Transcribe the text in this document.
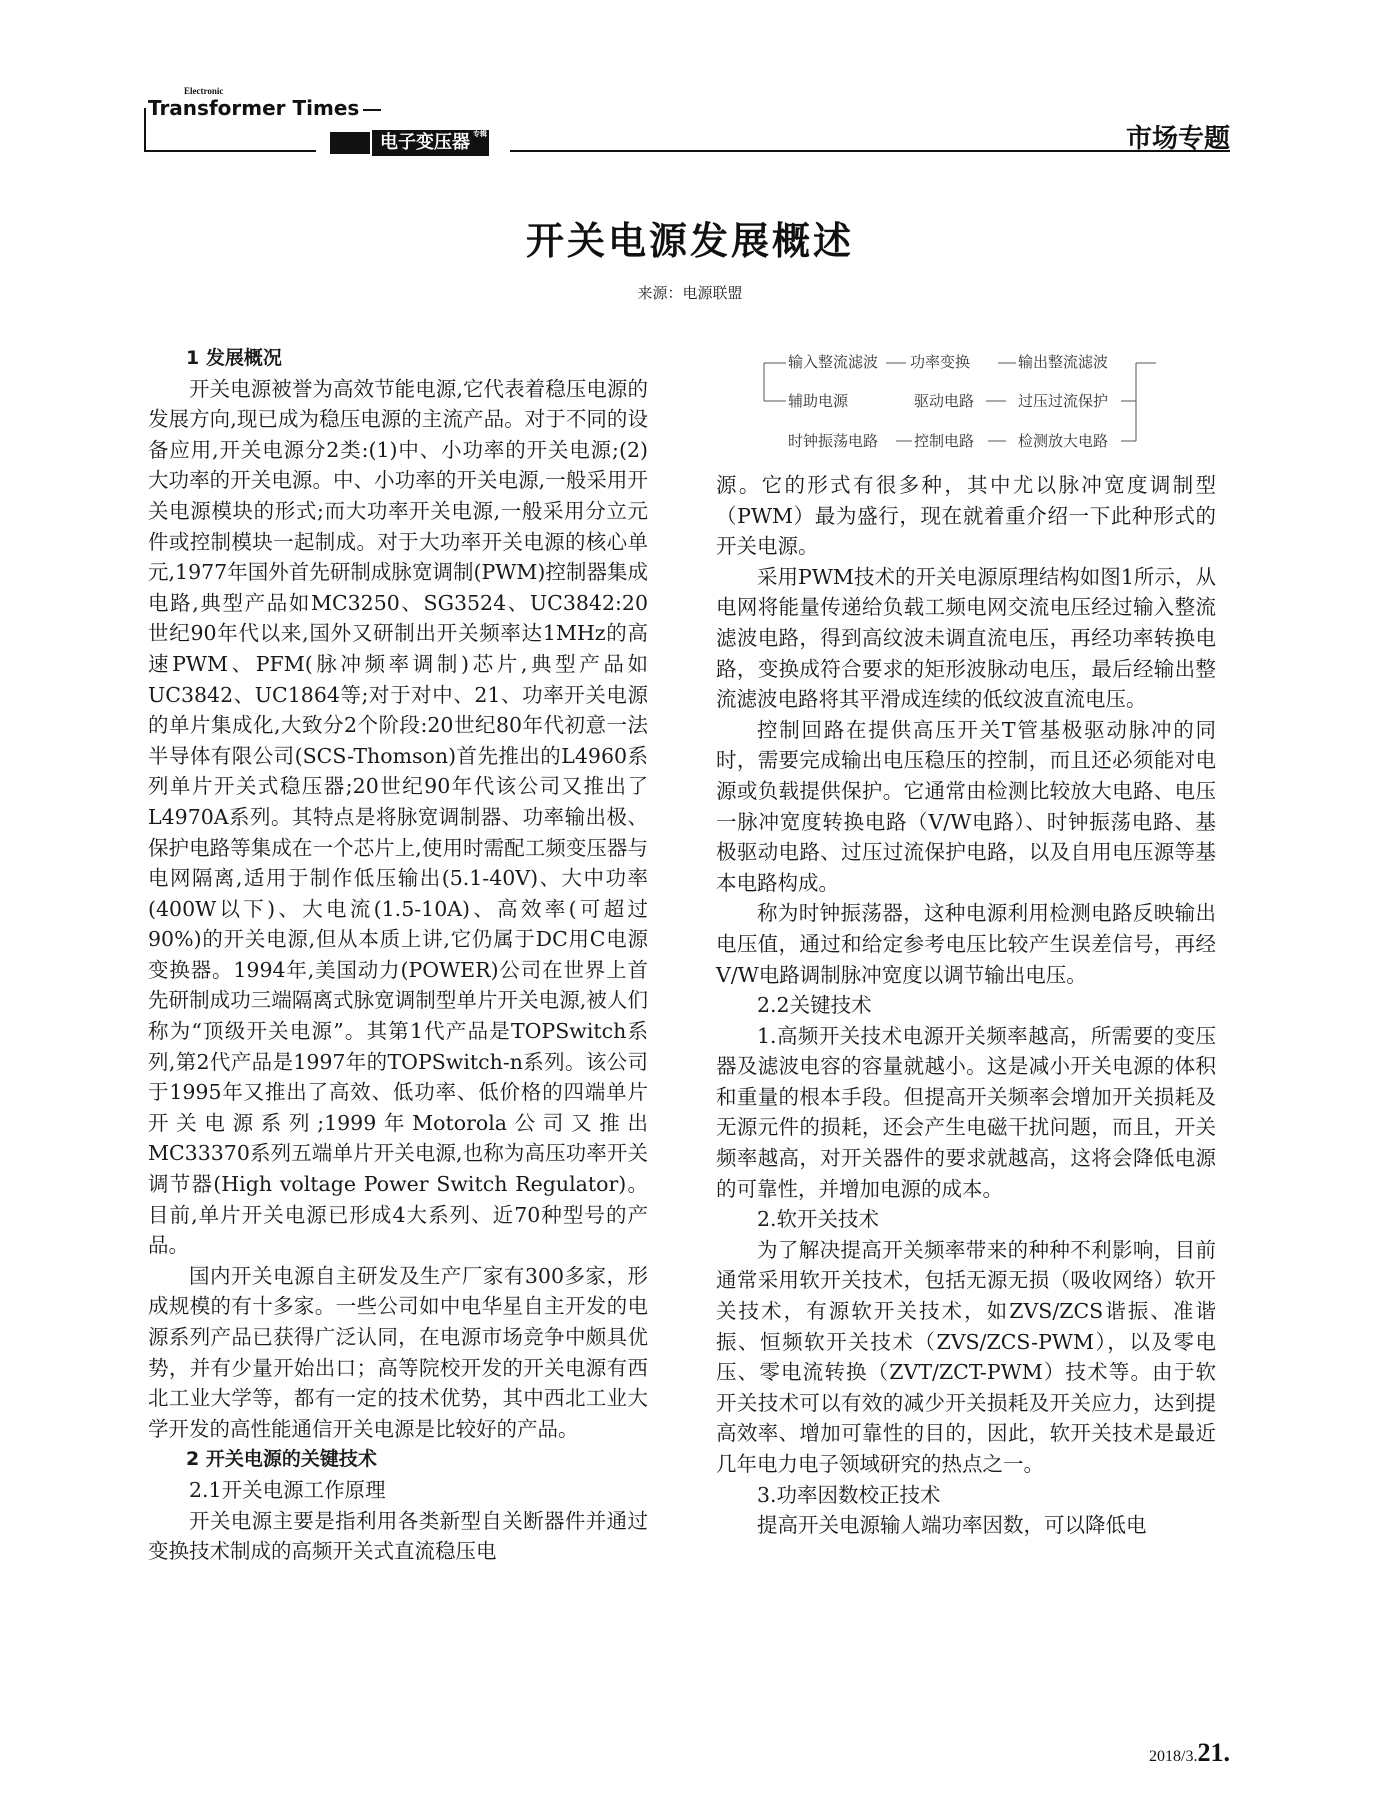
Electronic
Transformer Times
电子变压器 专辑	市场专题
开关电源发展概述
来源：电源联盟
输入整流滤波 功率变换	输出整流滤波
辅助电源	驱动电路	过压过流保护
时钟振荡电路 控制电路	检测放大电路

1 发展概况

开关电源被誉为高效节能电源,它代表着稳压电源的发展方向,现已成为稳压电源的主流产品。对于不同的设备应用,开关电源分2类:(1)中、小功率的开关电源;(2)大功率的开关电源。中、小功率的开关电源,一般采用开关电源模块的形式;而大功率开关电源,一般采用分立元件或控制模块一起制成。对于大功率开关电源的核心单元,1977年国外首先研制成脉宽调制(PWM)控制器集成电路,典型产品如MC3250、SG3524、UC3842:20世纪90年代以来,国外又研制出开关频率达1MHz的高速PWM、PFM(脉冲频率调制)芯片,典型产品如UC3842、UC1864等;对于对中、21、功率开关电源的单片集成化,大致分2个阶段:20世纪80年代初意一法半导体有限公司(SCS-Thomson)首先推出的L4960系列单片开关式稳压器;20世纪90年代该公司又推出了L4970A系列。其特点是将脉宽调制器、功率输出极、保护电路等集成在一个芯片上,使用时需配工频变压器与电网隔离,适用于制作低压输出(5.1-40V)、大中功率(400W以下)、大电流(1.5-10A)、高效率(可超过90%)的开关电源,但从本质上讲,它仍属于DC用C电源变换器。1994年,美国动力(POWER)公司在世界上首先研制成功三端隔离式脉宽调制型单片开关电源,被人们称为“顶级开关电源”。其第1代产品是TOPSwitch系列,第2代产品是1997年的TOPSwitch-n系列。该公司于1995年又推出了高效、低功率、低价格的四端单片开关电源系列;1999年Motorola公司又推出MC33370系列五端单片开关电源,也称为高压功率开关调节器(High voltage Power Switch Regulator)。目前,单片开关电源已形成4大系列、近70种型号的产品。

国内开关电源自主研发及生产厂家有300多家，形成规模的有十多家。一些公司如中电华星自主开发的电源系列产品已获得广泛认同，在电源市场竞争中颇具优势，并有少量开始出口；高等院校开发的开关电源有西北工业大学等，都有一定的技术优势，其中西北工业大学开发的高性能通信开关电源是比较好的产品。

2 开关电源的关键技术

2.1开关电源工作原理

开关电源主要是指利用各类新型自关断器件并通过变换技术制成的高频开关式直流稳压电

源。它的形式有很多种，其中尤以脉冲宽度调制型（PWM）最为盛行，现在就着重介绍一下此种形式的开关电源。

采用PWM技术的开关电源原理结构如图1所示，从电网将能量传递给负载工频电网交流电压经过输入整流滤波电路，得到高纹波未调直流电压，再经功率转换电路，变换成符合要求的矩形波脉动电压，最后经输出整流滤波电路将其平滑成连续的低纹波直流电压。

控制回路在提供高压开关T管基极驱动脉冲的同时，需要完成输出电压稳压的控制，而且还必须能对电源或负载提供保护。它通常由检测比较放大电路、电压一脉冲宽度转换电路（V/W电路）、时钟振荡电路、基极驱动电路、过压过流保护电路，以及自用电压源等基本电路构成。

称为时钟振荡器，这种电源利用检测电路反映输出电压值，通过和给定参考电压比较产生误差信号，再经V/W电路调制脉冲宽度以调节输出电压。

2.2关键技术

1.高频开关技术电源开关频率越高，所需要的变压器及滤波电容的容量就越小。这是减小开关电源的体积和重量的根本手段。但提高开关频率会增加开关损耗及无源元件的损耗，还会产生电磁干扰问题，而且，开关频率越高，对开关器件的要求就越高，这将会降低电源的可靠性，并增加电源的成本。

2.软开关技术

为了解决提高开关频率带来的种种不利影响，目前通常采用软开关技术，包括无源无损（吸收网络）软开关技术，有源软开关技术，如ZVS/ZCS谐振、准谐振、恒频软开关技术（ZVS/ZCS-PWM），以及零电压、零电流转换（ZVT/ZCT-PWM）技术等。由于软开关技术可以有效的减少开关损耗及开关应力，达到提高效率、增加可靠性的目的，因此，软开关技术是最近几年电力电子领域研究的热点之一。

3.功率因数校正技术

提高开关电源输人端功率因数，可以降低电

2018/3.21.
